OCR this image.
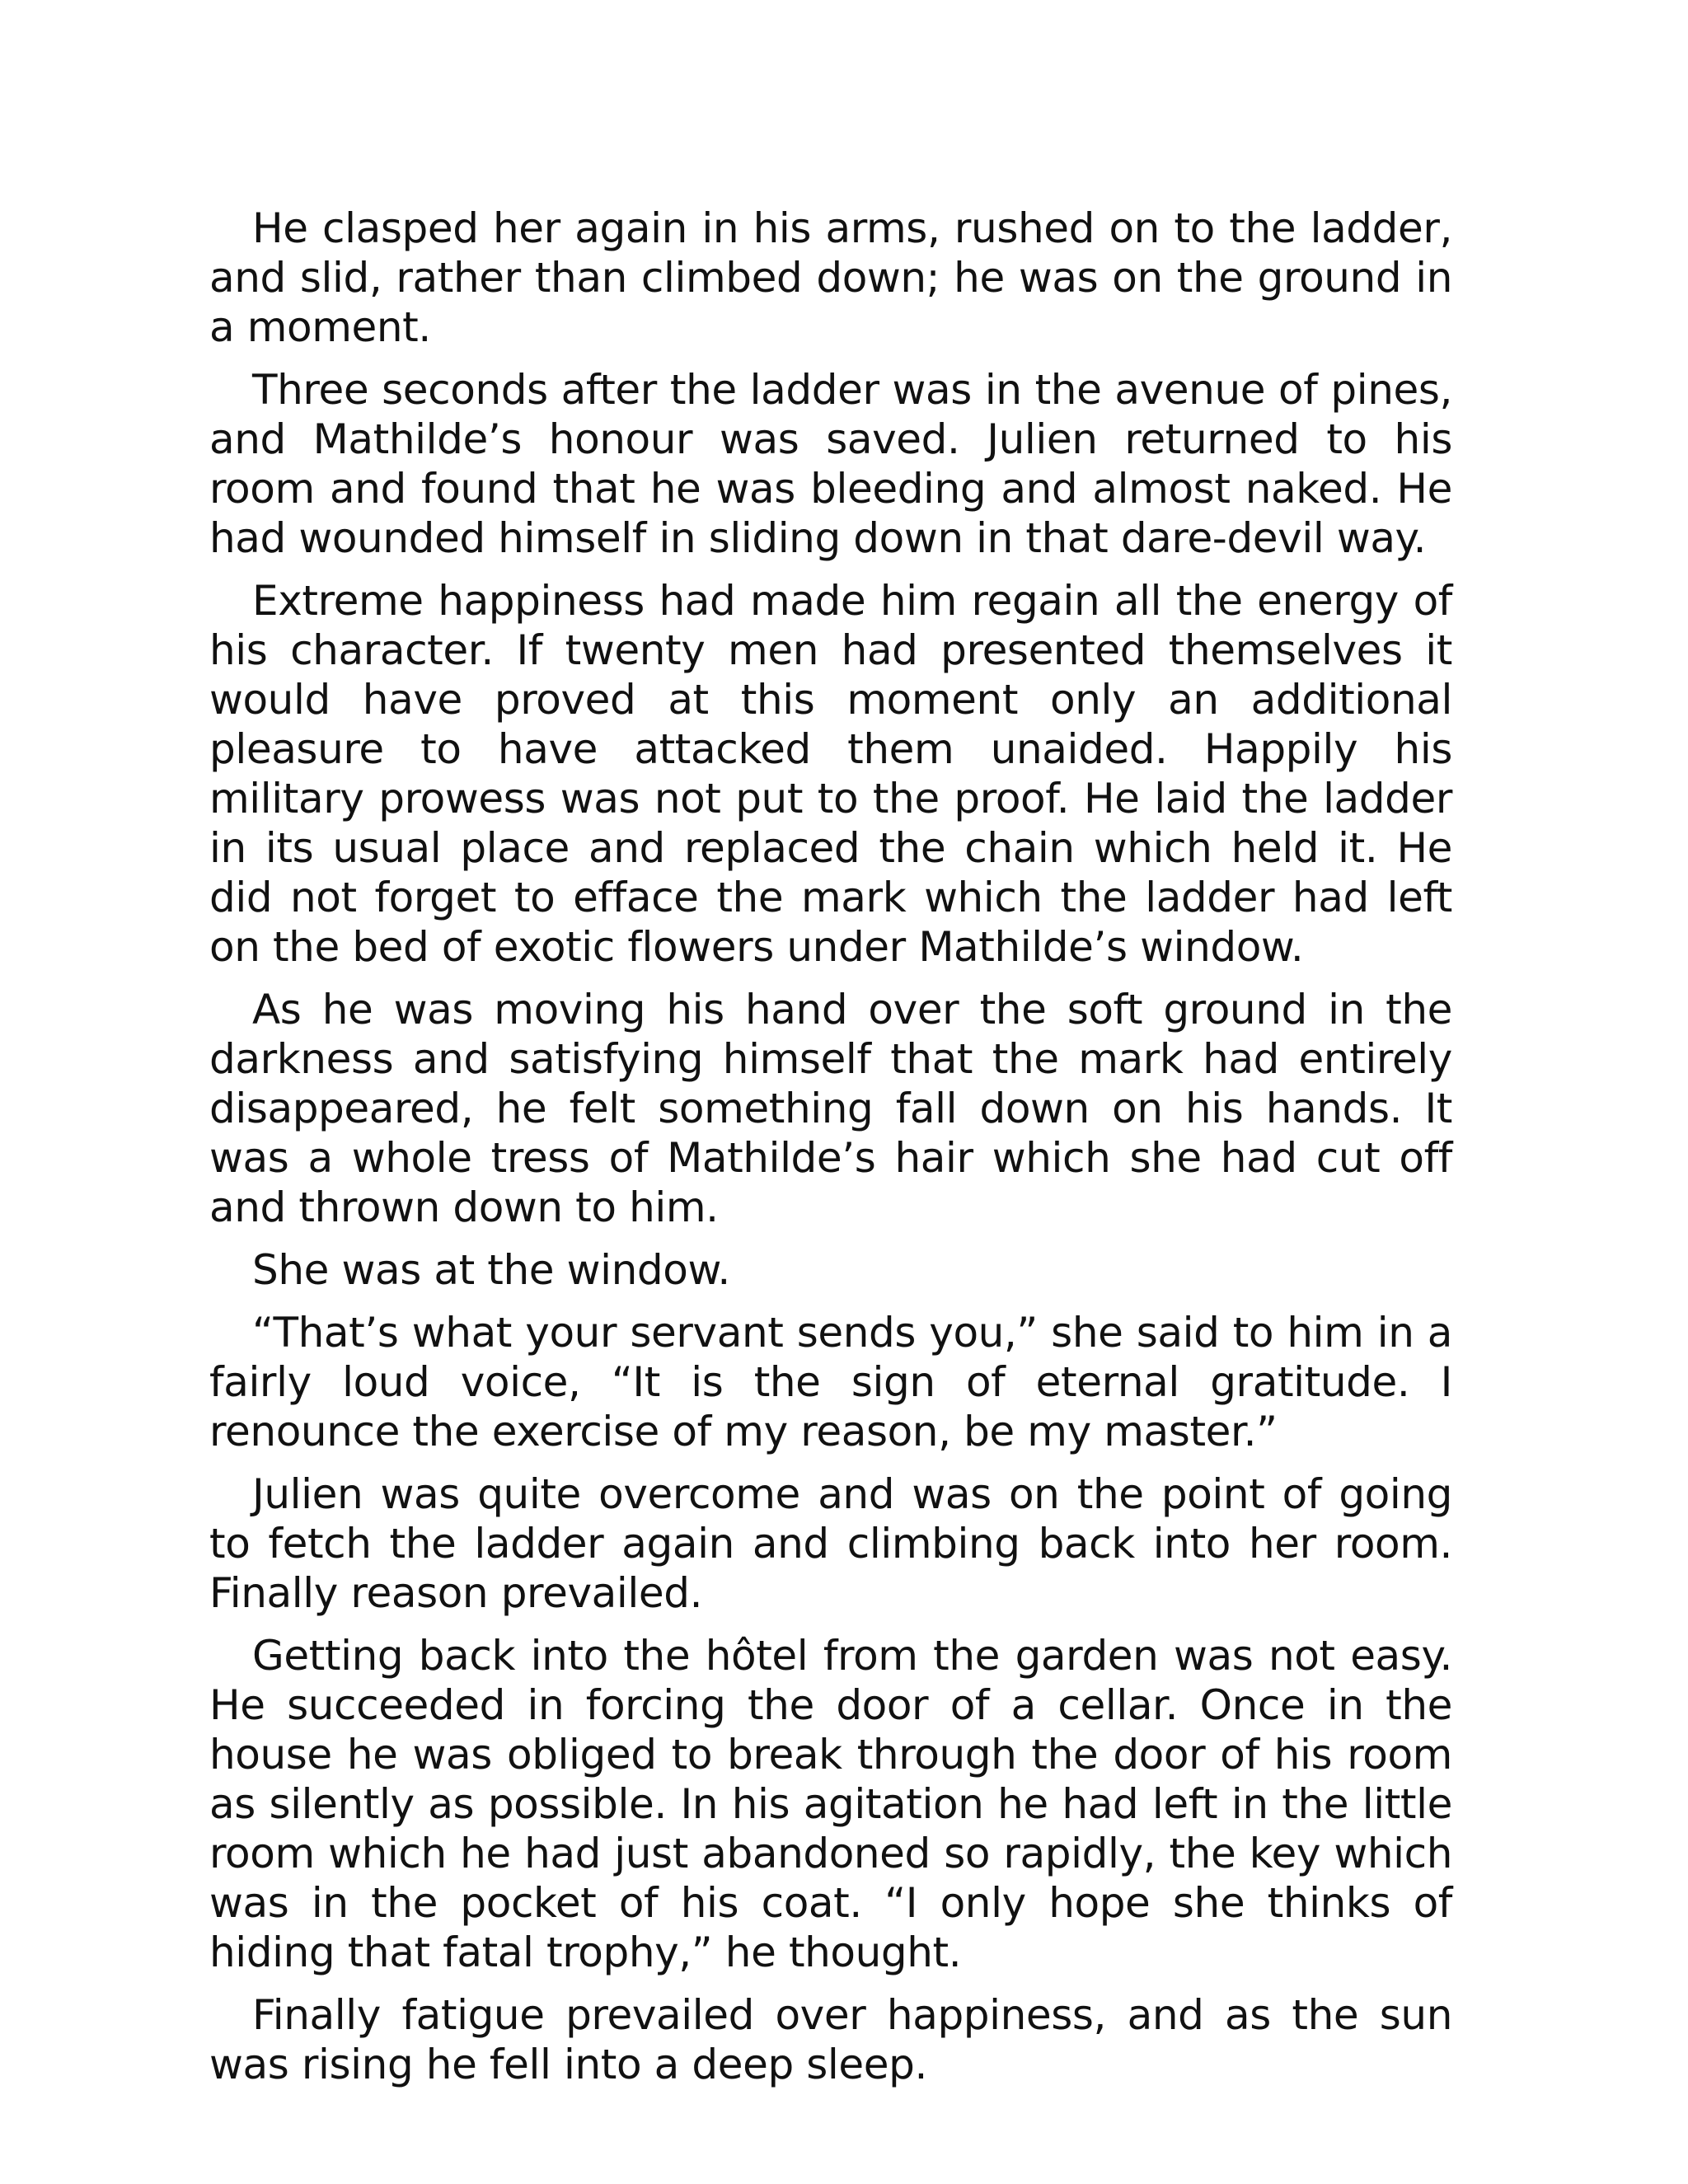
He clasped her again in his arms, rushed on to the ladder, and slid, rather than climbed down; he was on the ground in a moment.

Three seconds after the ladder was in the avenue of pines, and Mathilde’s honour was saved. Julien returned to his room and found that he was bleeding and almost naked. He had wounded himself in sliding down in that dare-devil way.

Extreme happiness had made him regain all the energy of his character. If twenty men had presented themselves it would have proved at this moment only an additional pleasure to have attacked them unaided. Happily his military prowess was not put to the proof. He laid the ladder in its usual place and replaced the chain which held it. He did not forget to efface the mark which the ladder had left on the bed of exotic flowers under Mathilde’s window.

As he was moving his hand over the soft ground in the darkness and satisfying himself that the mark had entirely disappeared, he felt something fall down on his hands. It was a whole tress of Mathilde’s hair which she had cut off and thrown down to him.

She was at the window.

“That’s what your servant sends you,” she said to him in a fairly loud voice, “It is the sign of eternal gratitude. I renounce the exercise of my reason, be my master.”

Julien was quite overcome and was on the point of going to fetch the ladder again and climbing back into her room. Finally reason prevailed.

Getting back into the hôtel from the garden was not easy. He succeeded in forcing the door of a cellar. Once in the house he was obliged to break through the door of his room as silently as possible. In his agitation he had left in the little room which he had just abandoned so rapidly, the key which was in the pocket of his coat. “I only hope she thinks of hiding that fatal trophy,” he thought.

Finally fatigue prevailed over happiness, and as the sun was rising he fell into a deep sleep.
